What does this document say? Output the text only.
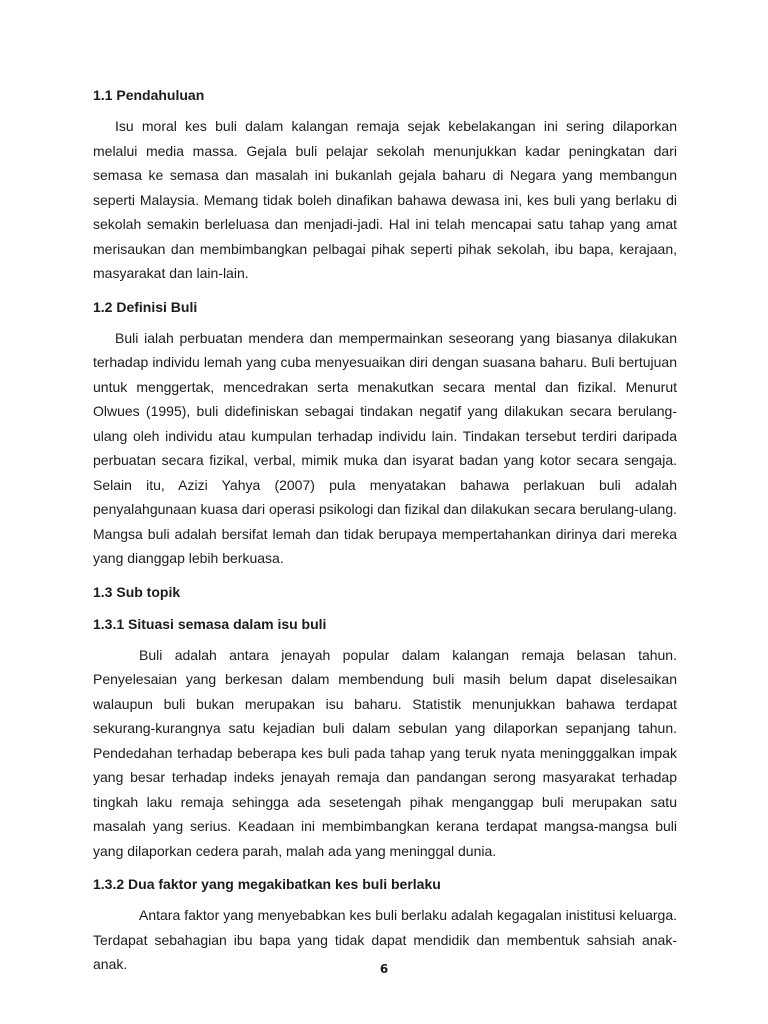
1.1 Pendahuluan

Isu moral kes buli dalam kalangan remaja sejak kebelakangan ini sering dilaporkan melalui media massa. Gejala buli pelajar sekolah menunjukkan kadar peningkatan dari semasa ke semasa dan masalah ini bukanlah gejala baharu di Negara yang membangun seperti Malaysia. Memang tidak boleh dinafikan bahawa dewasa ini, kes buli yang berlaku di sekolah semakin berleluasa dan menjadi-jadi. Hal ini telah mencapai satu tahap yang amat merisaukan dan membimbangkan pelbagai pihak seperti pihak sekolah, ibu bapa, kerajaan, masyarakat dan lain-lain.

1.2 Definisi Buli

Buli ialah perbuatan mendera dan mempermainkan seseorang yang biasanya dilakukan terhadap individu lemah yang cuba menyesuaikan diri dengan suasana baharu. Buli bertujuan untuk menggertak, mencedrakan serta menakutkan secara mental dan fizikal. Menurut Olwues (1995), buli didefiniskan sebagai tindakan negatif yang dilakukan secara berulang-ulang oleh individu atau kumpulan terhadap individu lain. Tindakan tersebut terdiri daripada perbuatan secara fizikal, verbal, mimik muka dan isyarat badan yang kotor secara sengaja. Selain itu, Azizi Yahya (2007) pula menyatakan bahawa perlakuan buli adalah penyalahgunaan kuasa dari operasi psikologi dan fizikal dan dilakukan secara berulang-ulang. Mangsa buli adalah bersifat lemah dan tidak berupaya mempertahankan dirinya dari mereka yang dianggap lebih berkuasa.

1.3 Sub topik
1.3.1 Situasi semasa dalam isu buli

Buli adalah antara jenayah popular dalam kalangan remaja belasan tahun. Penyelesaian yang berkesan dalam membendung buli masih belum dapat diselesaikan walaupun buli bukan merupakan isu baharu. Statistik menunjukkan bahawa terdapat sekurang-kurangnya satu kejadian buli dalam sebulan yang dilaporkan sepanjang tahun. Pendedahan terhadap beberapa kes buli pada tahap yang teruk nyata meningggalkan impak yang besar terhadap indeks jenayah remaja dan pandangan serong masyarakat terhadap tingkah laku remaja sehingga ada sesetengah pihak menganggap buli merupakan satu masalah yang serius. Keadaan ini membimbangkan kerana terdapat mangsa-mangsa buli yang dilaporkan cedera parah, malah ada yang meninggal dunia.

1.3.2 Dua faktor yang megakibatkan kes buli berlaku

Antara faktor yang menyebabkan kes buli berlaku adalah kegagalan inistitusi keluarga. Terdapat sebahagian ibu bapa yang tidak dapat mendidik dan membentuk sahsiah anak-anak.	6
